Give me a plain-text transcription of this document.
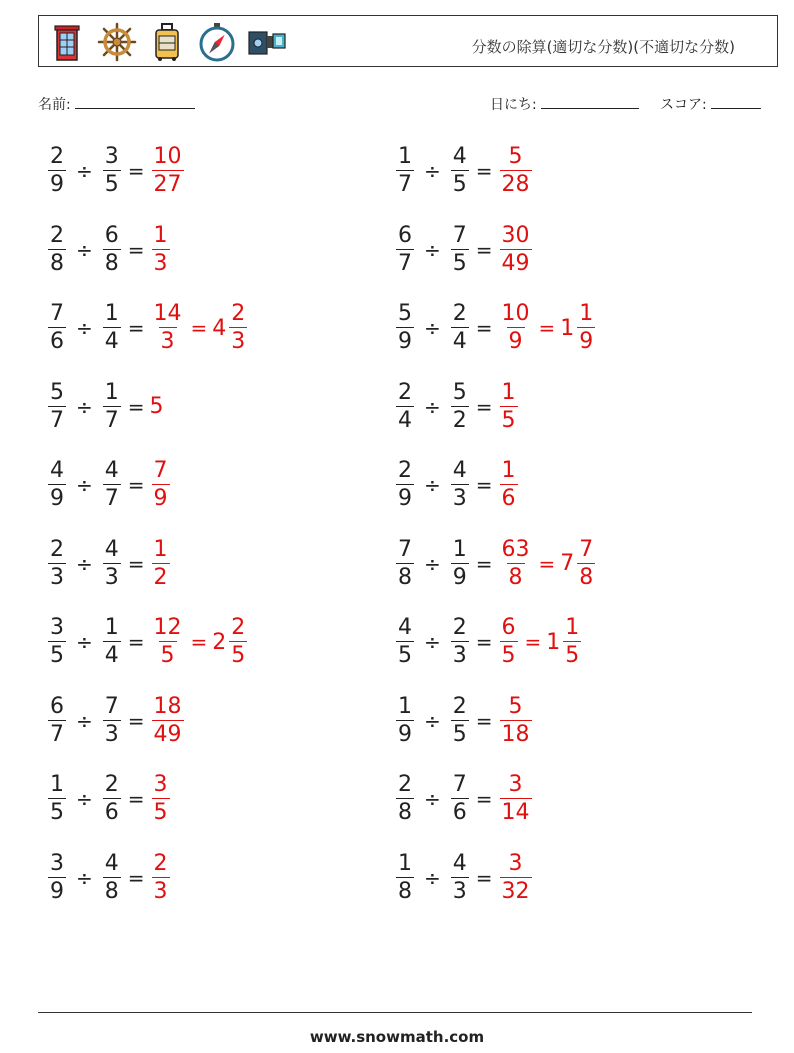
分数の除算(適切な分数)(不適切な分数)
名前:	日にち:	スコア:
$\frac{2}{9} \div \frac{3}{5} = \frac{10}{27}$	$\frac{1}{7} \div \frac{4}{5} = \frac{5}{28}$
$\frac{2}{8} \div \frac{6}{8} = \frac{1}{3}$	$\frac{6}{7} \div \frac{7}{5} = \frac{30}{49}$
$\frac{7}{6} \div \frac{1}{4} = \frac{14}{3} = 4 \frac{2}{3}$	$\frac{5}{9} \div \frac{2}{4} = \frac{10}{9} = 1 \frac{1}{9}$
$\frac{5}{7} \div \frac{1}{7} = 5$	$\frac{2}{4} \div \frac{5}{2} = \frac{1}{5}$
$\frac{4}{9} \div \frac{4}{7} = \frac{7}{9}$	$\frac{2}{9} \div \frac{4}{3} = \frac{1}{6}$
$\frac{2}{3} \div \frac{4}{3} = \frac{1}{2}$	$\frac{7}{8} \div \frac{1}{9} = \frac{63}{8} = 7 \frac{7}{8}$
$\frac{3}{5} \div \frac{1}{4} = \frac{12}{5} = 2 \frac{2}{5}$	$\frac{4}{5} \div \frac{2}{3} = \frac{6}{5} = 1 \frac{1}{5}$
$\frac{6}{7} \div \frac{7}{3} = \frac{18}{49}$	$\frac{1}{9} \div \frac{2}{5} = \frac{5}{18}$
$\frac{1}{5} \div \frac{2}{6} = \frac{3}{5}$	$\frac{2}{8} \div \frac{7}{6} = \frac{3}{14}$
$\frac{3}{9} \div \frac{4}{8} = \frac{2}{3}$	$\frac{1}{8} \div \frac{4}{3} = \frac{3}{32}$
www.snowmath.com
